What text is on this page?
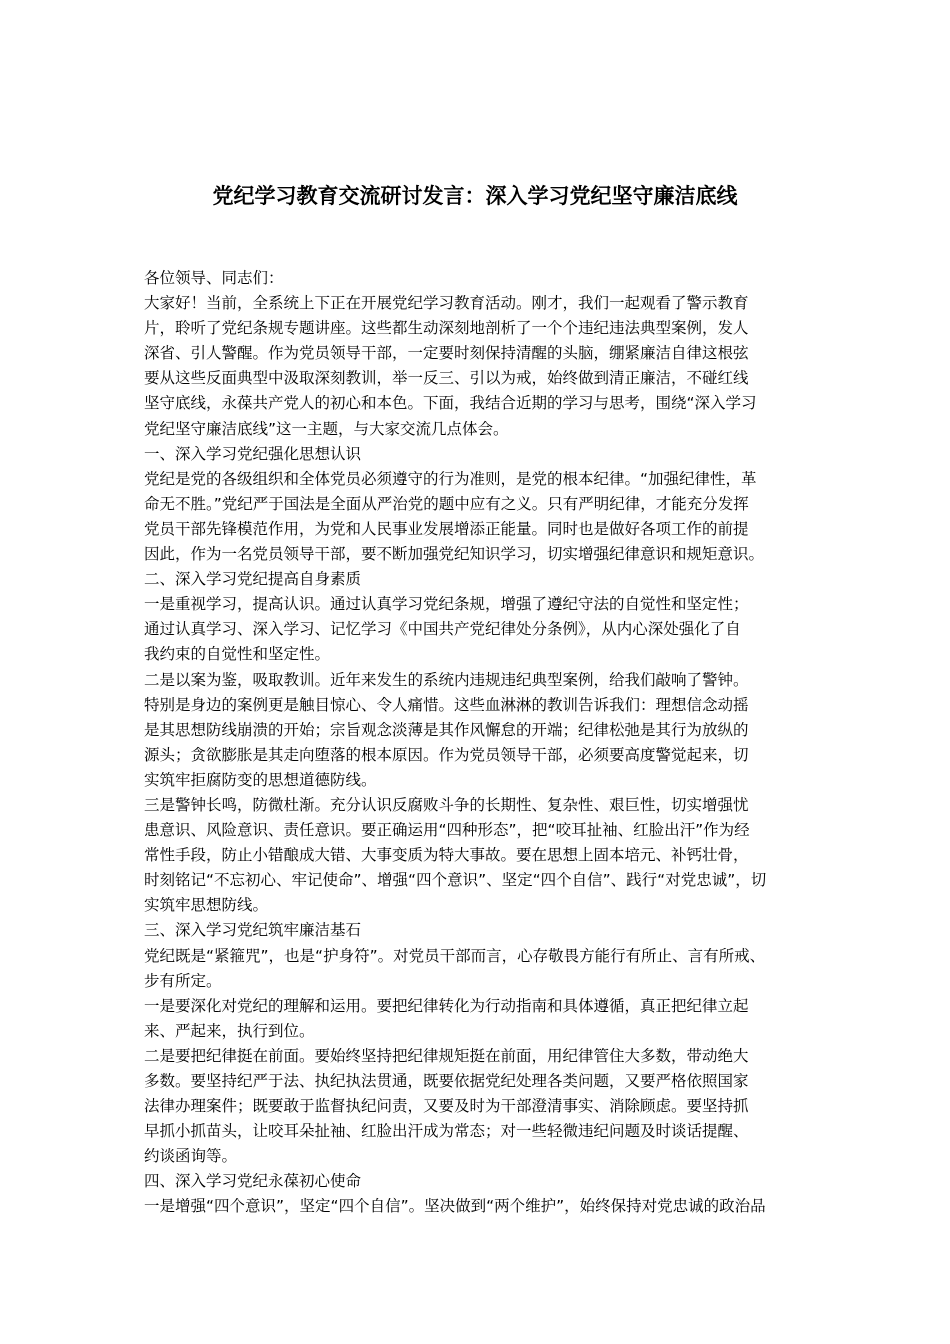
党纪学习教育交流研讨发言：深入学习党纪坚守廉洁底线
各位领导、同志们：
大家好！当前，全系统上下正在开展党纪学习教育活动。刚才，我们一起观看了警示教育
片，聆听了党纪条规专题讲座。这些都生动深刻地剖析了一个个违纪违法典型案例，发人
深省、引人警醒。作为党员领导干部，一定要时刻保持清醒的头脑，绷紧廉洁自律这根弦
要从这些反面典型中汲取深刻教训，举一反三、引以为戒，始终做到清正廉洁，不碰红线
坚守底线，永葆共产党人的初心和本色。下面，我结合近期的学习与思考，围绕“深入学习
党纪坚守廉洁底线”这一主题，与大家交流几点体会。
一、深入学习党纪强化思想认识
党纪是党的各级组织和全体党员必须遵守的行为准则，是党的根本纪律。“加强纪律性，革
命无不胜。”党纪严于国法是全面从严治党的题中应有之义。只有严明纪律，才能充分发挥
党员干部先锋模范作用，为党和人民事业发展增添正能量。同时也是做好各项工作的前提
因此，作为一名党员领导干部，要不断加强党纪知识学习，切实增强纪律意识和规矩意识。
二、深入学习党纪提高自身素质
一是重视学习，提高认识。通过认真学习党纪条规，增强了遵纪守法的自觉性和坚定性；
通过认真学习、深入学习、记忆学习《中国共产党纪律处分条例》，从内心深处强化了自
我约束的自觉性和坚定性。
二是以案为鉴，吸取教训。近年来发生的系统内违规违纪典型案例，给我们敲响了警钟。
特别是身边的案例更是触目惊心、令人痛惜。这些血淋淋的教训告诉我们：理想信念动摇
是其思想防线崩溃的开始；宗旨观念淡薄是其作风懈怠的开端；纪律松弛是其行为放纵的
源头；贪欲膨胀是其走向堕落的根本原因。作为党员领导干部，必须要高度警觉起来，切
实筑牢拒腐防变的思想道德防线。
三是警钟长鸣，防微杜渐。充分认识反腐败斗争的长期性、复杂性、艰巨性，切实增强忧
患意识、风险意识、责任意识。要正确运用“四种形态”，把“咬耳扯袖、红脸出汗”作为经
常性手段，防止小错酿成大错、大事变质为特大事故。要在思想上固本培元、补钙壮骨，
时刻铭记“不忘初心、牢记使命”、增强“四个意识”、坚定“四个自信”、践行“对党忠诚”，切
实筑牢思想防线。
三、深入学习党纪筑牢廉洁基石
党纪既是“紧箍咒”，也是“护身符”。对党员干部而言，心存敬畏方能行有所止、言有所戒、
步有所定。
一是要深化对党纪的理解和运用。要把纪律转化为行动指南和具体遵循，真正把纪律立起
来、严起来，执行到位。
二是要把纪律挺在前面。要始终坚持把纪律规矩挺在前面，用纪律管住大多数，带动绝大
多数。要坚持纪严于法、执纪执法贯通，既要依据党纪处理各类问题，又要严格依照国家
法律办理案件；既要敢于监督执纪问责，又要及时为干部澄清事实、消除顾虑。要坚持抓
早抓小抓苗头，让咬耳朵扯袖、红脸出汗成为常态；对一些轻微违纪问题及时谈话提醒、
约谈函询等。
四、深入学习党纪永葆初心使命
一是增强“四个意识”，坚定“四个自信”。坚决做到“两个维护”，始终保持对党忠诚的政治品
